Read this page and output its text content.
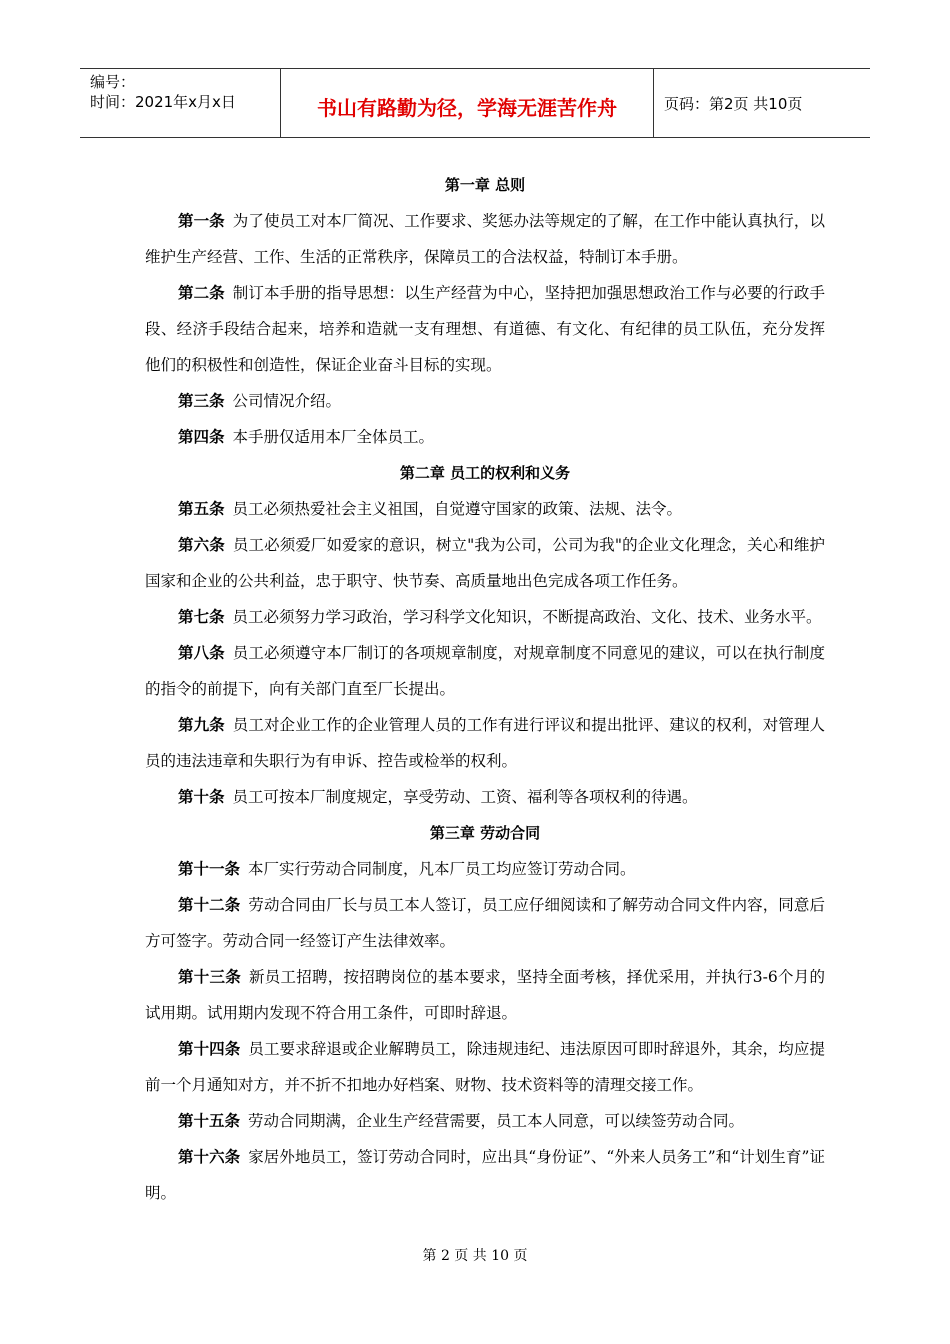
编号：
时间：2021年x月x日	书山有路勤为径，学海无涯苦作舟	页码：第2页 共10页
第一章 总则
第一条 为了使员工对本厂简况、工作要求、奖惩办法等规定的了解，在工作中能认真执行，以维护生产经营、工作、生活的正常秩序，保障员工的合法权益，特制订本手册。
第二条 制订本手册的指导思想：以生产经营为中心，坚持把加强思想政治工作与必要的行政手段、经济手段结合起来，培养和造就一支有理想、有道德、有文化、有纪律的员工队伍，充分发挥他们的积极性和创造性，保证企业奋斗目标的实现。
第三条 公司情况介绍。
第四条 本手册仅适用本厂全体员工。
第二章 员工的权利和义务
第五条 员工必须热爱社会主义祖国，自觉遵守国家的政策、法规、法令。
第六条 员工必须爱厂如爱家的意识，树立"我为公司，公司为我"的企业文化理念，关心和维护国家和企业的公共利益，忠于职守、快节奏、高质量地出色完成各项工作任务。
第七条 员工必须努力学习政治，学习科学文化知识，不断提高政治、文化、技术、业务水平。
第八条 员工必须遵守本厂制订的各项规章制度，对规章制度不同意见的建议，可以在执行制度的指令的前提下，向有关部门直至厂长提出。
第九条 员工对企业工作的企业管理人员的工作有进行评议和提出批评、建议的权利，对管理人员的违法违章和失职行为有申诉、控告或检举的权利。
第十条 员工可按本厂制度规定，享受劳动、工资、福利等各项权利的待遇。
第三章 劳动合同
第十一条 本厂实行劳动合同制度，凡本厂员工均应签订劳动合同。
第十二条 劳动合同由厂长与员工本人签订，员工应仔细阅读和了解劳动合同文件内容，同意后方可签字。劳动合同一经签订产生法律效率。
第十三条 新员工招聘，按招聘岗位的基本要求，坚持全面考核，择优采用，并执行3-6个月的试用期。试用期内发现不符合用工条件，可即时辞退。
第十四条 员工要求辞退或企业解聘员工，除违规违纪、违法原因可即时辞退外，其余，均应提前一个月通知对方，并不折不扣地办好档案、财物、技术资料等的清理交接工作。
第十五条 劳动合同期满，企业生产经营需要，员工本人同意，可以续签劳动合同。
第十六条 家居外地员工，签订劳动合同时，应出具“身份证”、“外来人员务工”和“计划生育”证明。
第 2 页 共 10 页
